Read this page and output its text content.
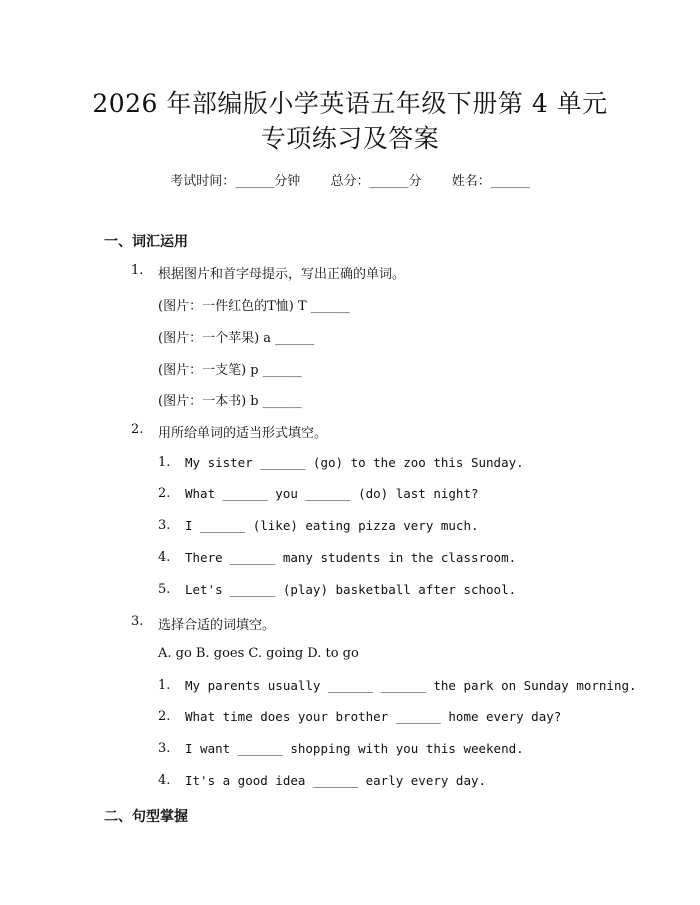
2026 年部编版小学英语五年级下册第 4 单元
专项练习及答案
考试时间：______分钟 总分：______分 姓名：______
一、词汇运用
1. 根据图片和首字母提示，写出正确的单词。
(图片：一件红色的T恤) T ______
(图片：一个苹果) a ______
(图片：一支笔) p ______
(图片：一本书) b ______
2. 用所给单词的适当形式填空。
1. My sister ______ (go) to the zoo this Sunday.
2. What ______ you ______ (do) last night?
3. I ______ (like) eating pizza very much.
4. There ______ many students in the classroom.
5. Let's ______ (play) basketball after school.
3. 选择合适的词填空。
A. go B. goes C. going D. to go
1. My parents usually ______ ______ the park on Sunday morning.
2. What time does your brother ______ home every day?
3. I want ______ shopping with you this weekend.
4. It's a good idea ______ early every day.
二、句型掌握
